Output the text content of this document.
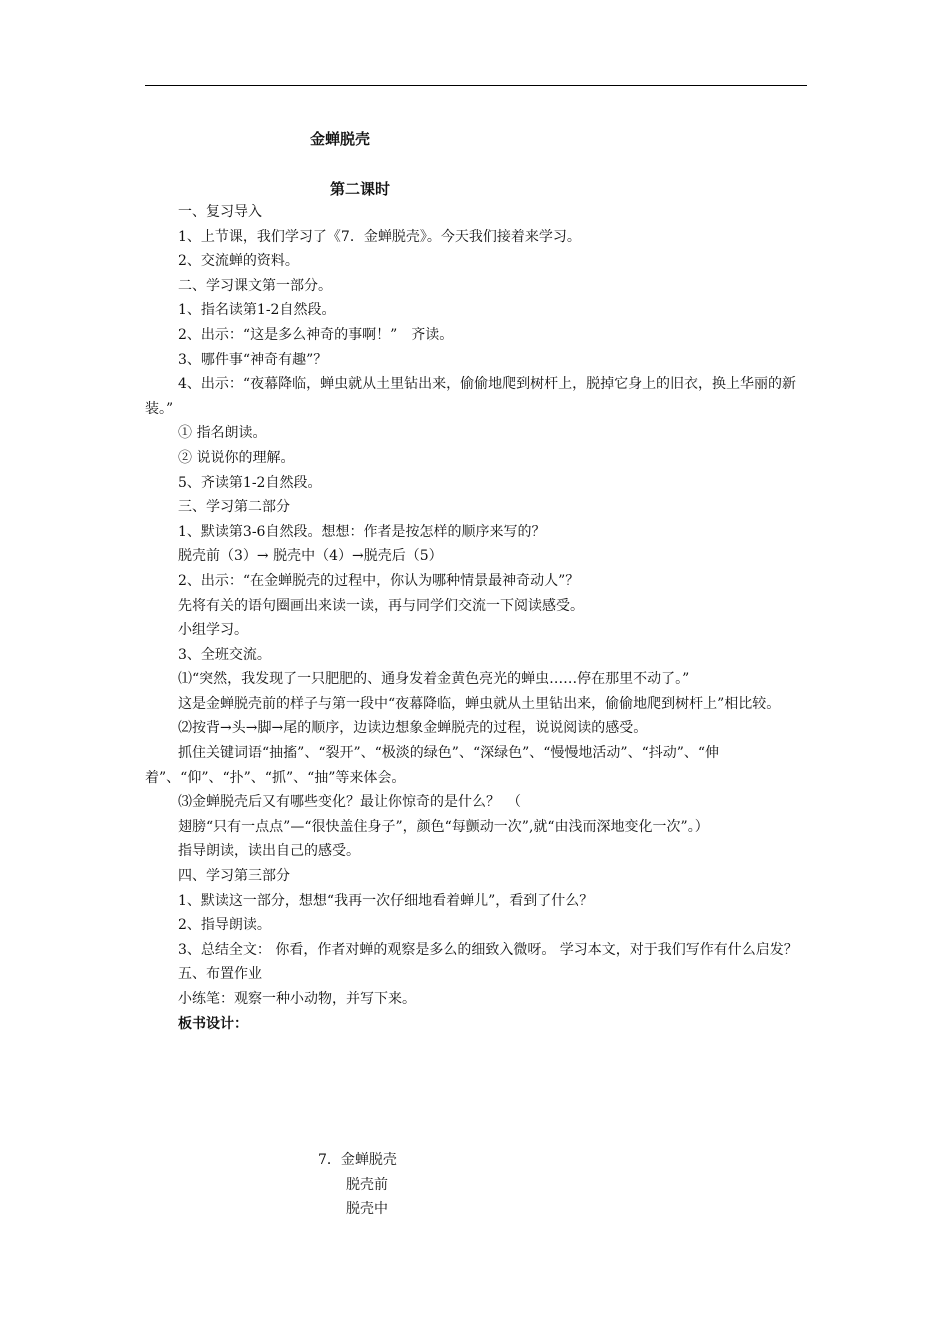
金蝉脱壳
第二课时
一、复习导入
1、上节课，我们学习了《7．金蝉脱壳》。今天我们接着来学习。
2、交流蝉的资料。
二、学习课文第一部分。
1、指名读第1-2自然段。
2、出示：“这是多么神奇的事啊！”　齐读。
3、哪件事“神奇有趣”？
4、出示：“夜幕降临，蝉虫就从土里钻出来，偷偷地爬到树杆上，脱掉它身上的旧衣，换上华丽的新装。”
① 指名朗读。
② 说说你的理解。
5、齐读第1-2自然段。
三、学习第二部分
1、默读第3-6自然段。想想：作者是按怎样的顺序来写的？
脱壳前（3）→ 脱壳中（4）→脱壳后（5）
2、出示：“在金蝉脱壳的过程中，你认为哪种情景最神奇动人”？
先将有关的语句圈画出来读一读，再与同学们交流一下阅读感受。
小组学习。
3、全班交流。
⑴“突然，我发现了一只肥肥的、通身发着金黄色亮光的蝉虫……停在那里不动了。”
这是金蝉脱壳前的样子与第一段中“夜幕降临，蝉虫就从土里钻出来，偷偷地爬到树杆上”相比较。
⑵按背→头→脚→尾的顺序，边读边想象金蝉脱壳的过程，说说阅读的感受。
抓住关键词语“抽搐”、“裂开”、“极淡的绿色”、“深绿色”、“慢慢地活动”、“抖动”、“伸着”、“仰”、“扑”、“抓”、“抽”等来体会。
⑶金蝉脱壳后又有哪些变化？最让你惊奇的是什么？　（
翅膀“只有一点点”—“很快盖住身子”，颜色“每颤动一次”,就“由浅而深地变化一次”。）
指导朗读，读出自己的感受。
四、学习第三部分
1、默读这一部分，想想“我再一次仔细地看着蝉儿”，看到了什么？
2、指导朗读。
3、总结全文： 你看，作者对蝉的观察是多么的细致入微呀。 学习本文，对于我们写作有什么启发？
五、布置作业
小练笔：观察一种小动物，并写下来。
板书设计：
7．金蝉脱壳
脱壳前
脱壳中
